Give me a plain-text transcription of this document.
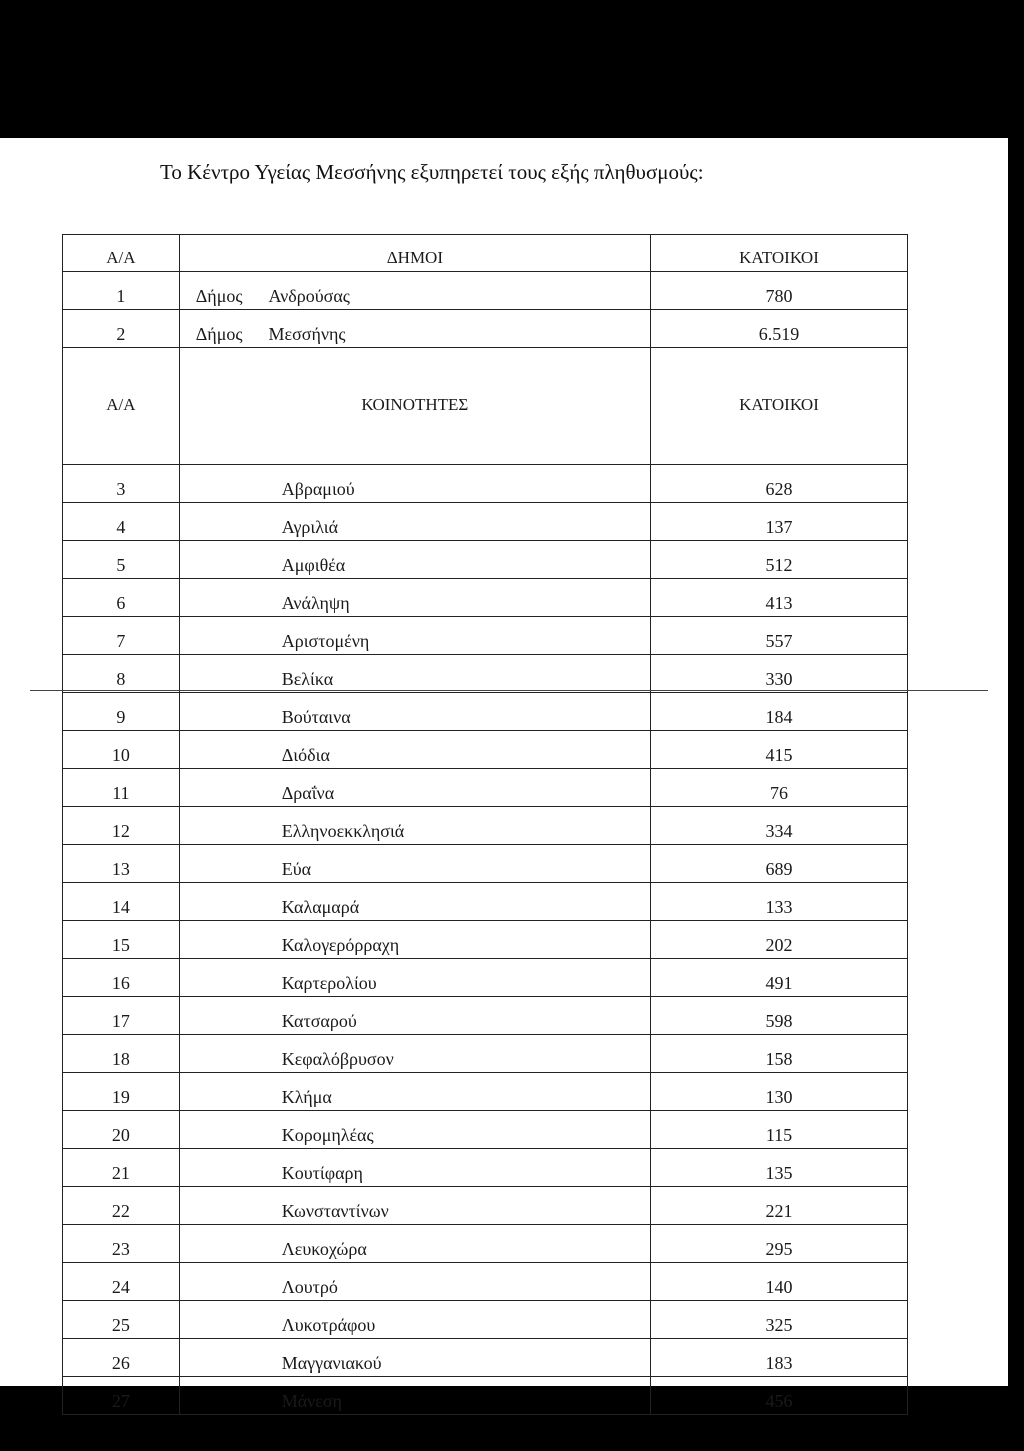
Το Κέντρο Υγείας Μεσσήνης εξυπηρετεί τους εξής πληθυσμούς:
Α/Α	ΔΗΜΟΙ	ΚΑΤΟΙΚΟΙ
1	Δήμος Ανδρούσας	780
2	Δήμος Μεσσήνης	6.519
Α/Α	ΚΟΙΝΟΤΗΤΕΣ	ΚΑΤΟΙΚΟΙ
3	Αβραμιού	628
4	Αγριλιά	137
5	Αμφιθέα	512
6	Ανάληψη	413
7	Αριστομένη	557
8	Βελίκα	330
9	Βούταινα	184
10	Διόδια	415
11	Δραΐνα	76
12	Ελληνοεκκλησιά	334
13	Εύα	689
14	Καλαμαρά	133
15	Καλογερόρραχη	202
16	Καρτερολίου	491
17	Κατσαρού	598
18	Κεφαλόβρυσον	158
19	Κλήμα	130
20	Κορομηλέας	115
21	Κουτίφαρη	135
22	Κωνσταντίνων	221
23	Λευκοχώρα	295
24	Λουτρό	140
25	Λυκοτράφου	325
26	Μαγγανιακού	183
27	Μάνεση	456
